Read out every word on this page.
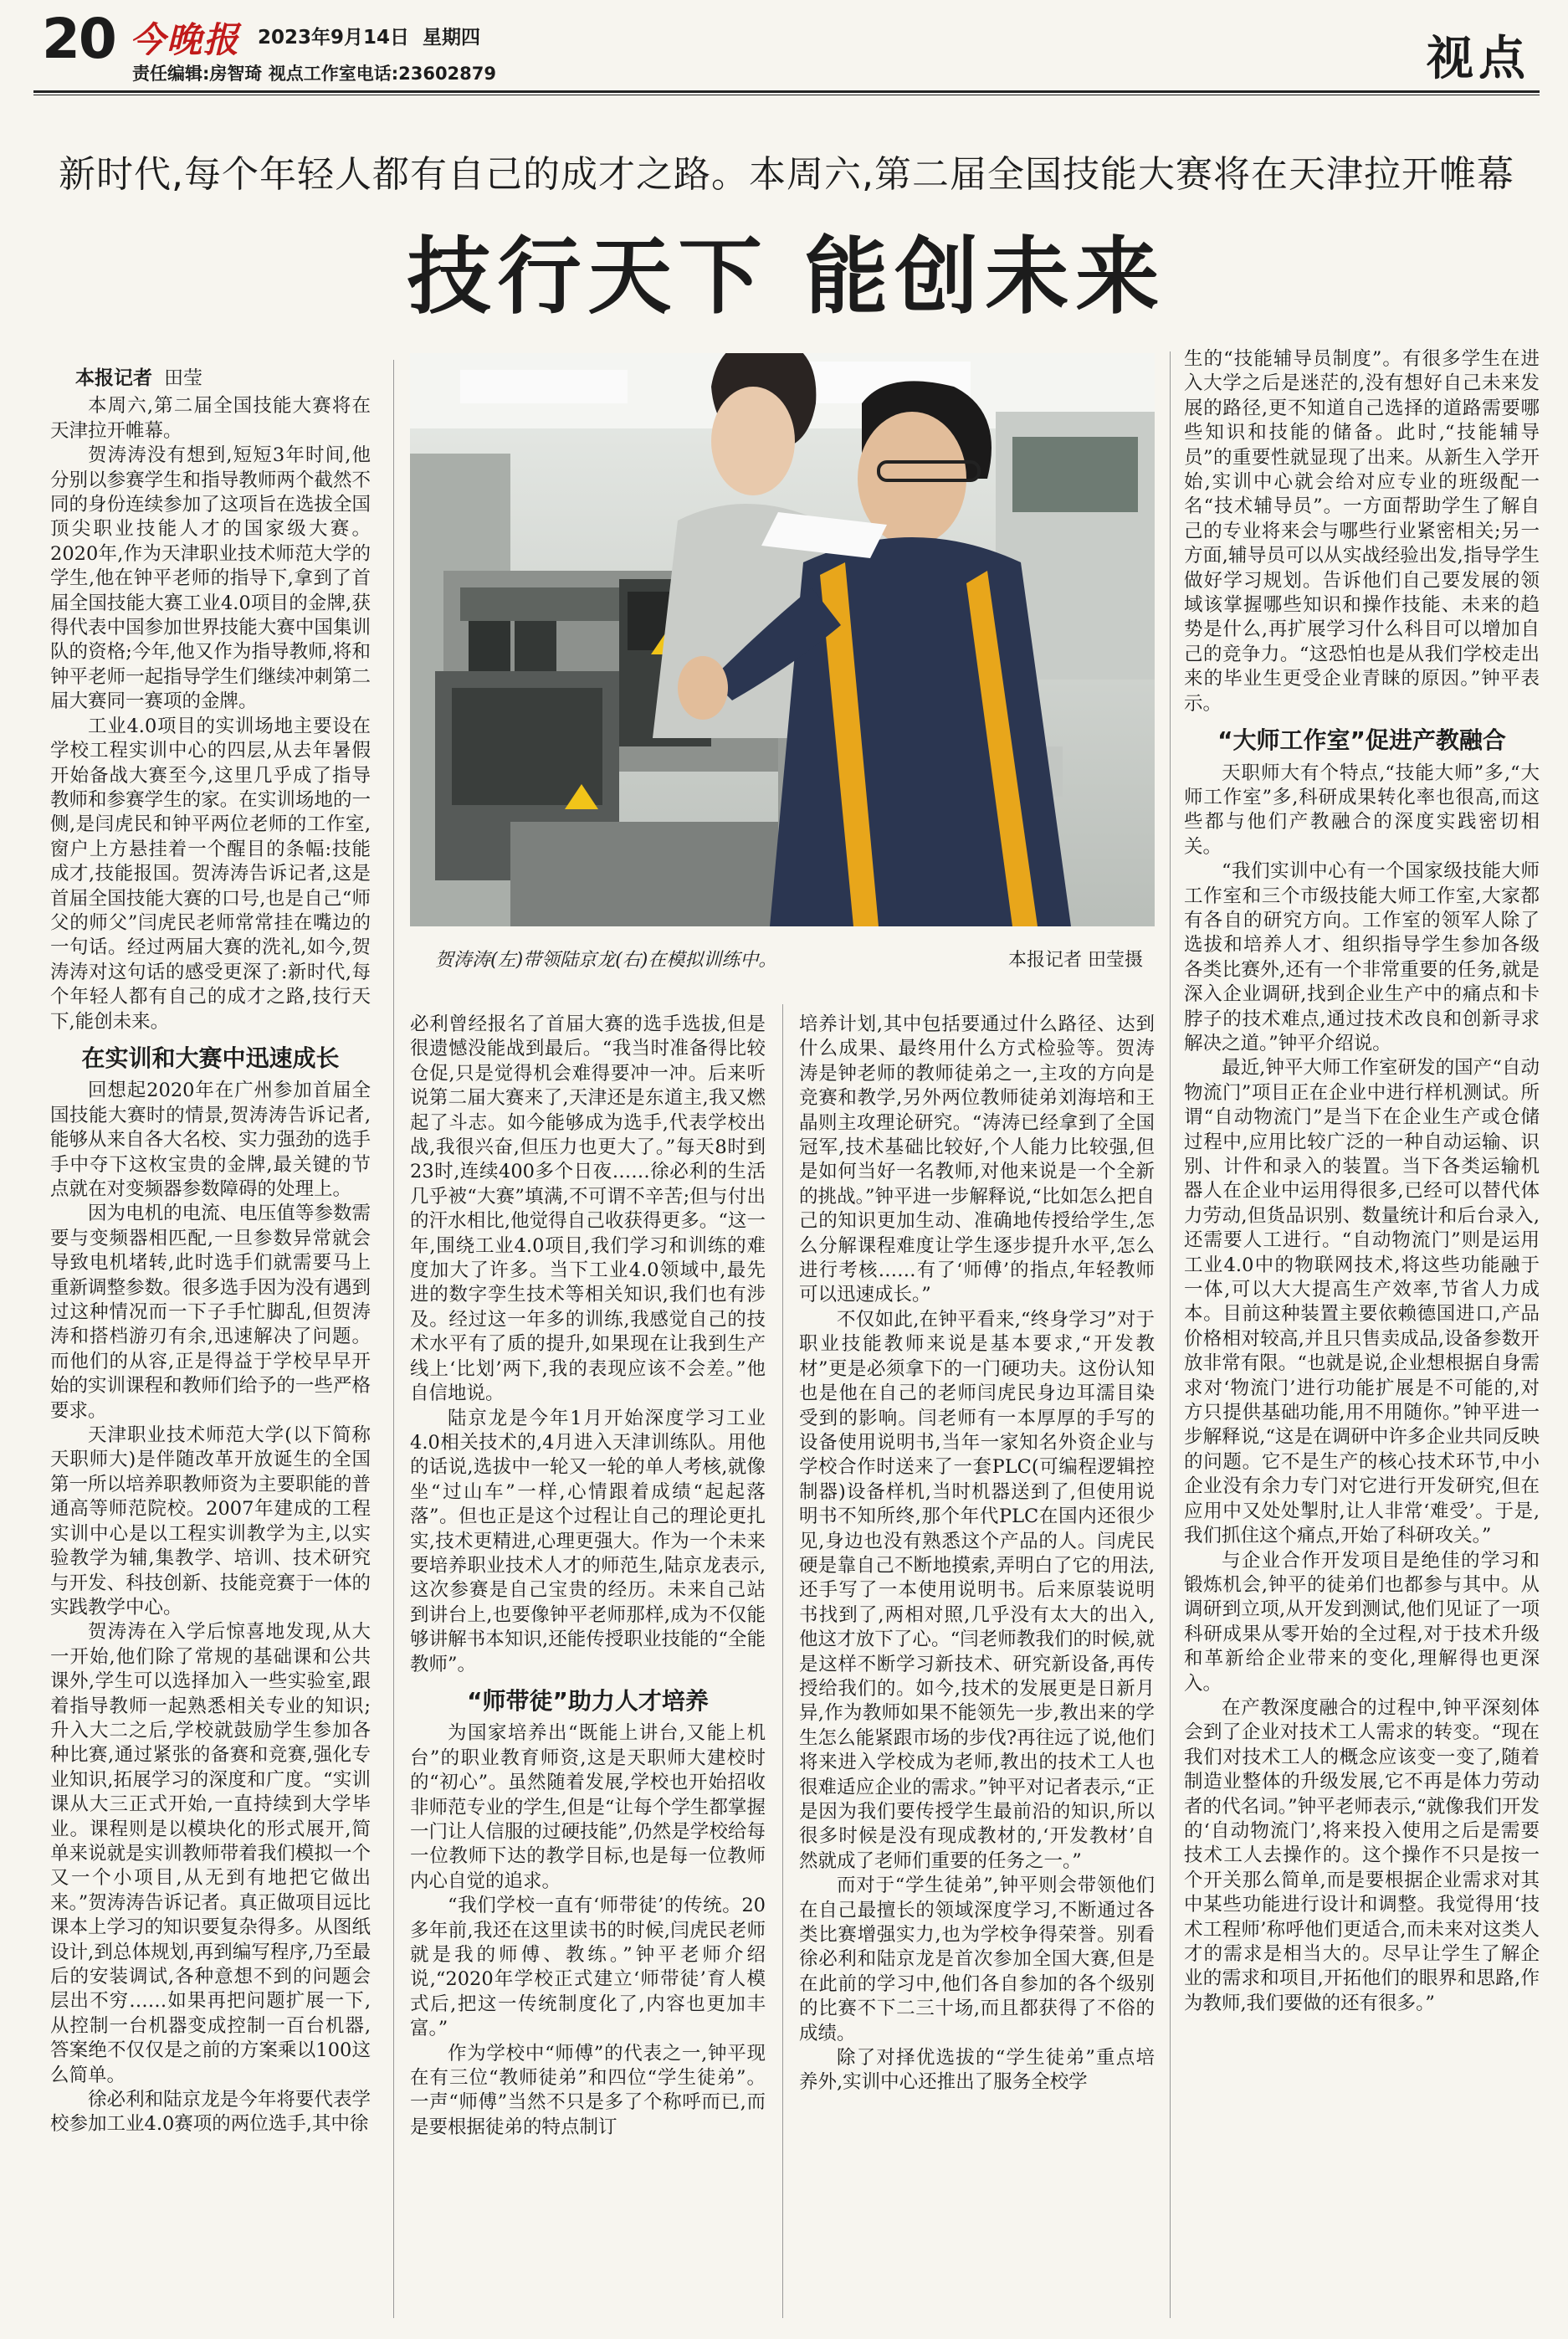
20 今晚报 2023年9月14日 星期四
责任编辑:房智琦 视点工作室电话:23602879	视点
新时代,每个年轻人都有自己的成才之路。本周六,第二届全国技能大赛将在天津拉开帷幕
技行天下 能创未来
本报记者 田莹

本周六,第二届全国技能大赛将在天津拉开帷幕。

贺涛涛没有想到,短短3年时间,他分别以参赛学生和指导教师两个截然不同的身份连续参加了这项旨在选拔全国顶尖职业技能人才的国家级大赛。2020年,作为天津职业技术师范大学的学生,他在钟平老师的指导下,拿到了首届全国技能大赛工业4.0项目的金牌,获得代表中国参加世界技能大赛中国集训队的资格;今年,他又作为指导教师,将和钟平老师一起指导学生们继续冲刺第二届大赛同一赛项的金牌。

工业4.0项目的实训场地主要设在学校工程实训中心的四层,从去年暑假开始备战大赛至今,这里几乎成了指导教师和参赛学生的家。在实训场地的一侧,是闫虎民和钟平两位老师的工作室,窗户上方悬挂着一个醒目的条幅:技能成才,技能报国。贺涛涛告诉记者,这是首届全国技能大赛的口号,也是自己“师父的师父”闫虎民老师常常挂在嘴边的一句话。经过两届大赛的洗礼,如今,贺涛涛对这句话的感受更深了:新时代,每个年轻人都有自己的成才之路,技行天下,能创未来。

在实训和大赛中迅速成长

回想起2020年在广州参加首届全国技能大赛时的情景,贺涛涛告诉记者,能够从来自各大名校、实力强劲的选手手中夺下这枚宝贵的金牌,最关键的节点就在对变频器参数障碍的处理上。

因为电机的电流、电压值等参数需要与变频器相匹配,一旦参数异常就会导致电机堵转,此时选手们就需要马上重新调整参数。很多选手因为没有遇到过这种情况而一下子手忙脚乱,但贺涛涛和搭档游刃有余,迅速解决了问题。而他们的从容,正是得益于学校早早开始的实训课程和教师们给予的一些严格要求。

天津职业技术师范大学(以下简称天职师大)是伴随改革开放诞生的全国第一所以培养职教师资为主要职能的普通高等师范院校。2007年建成的工程实训中心是以工程实训教学为主,以实验教学为辅,集教学、培训、技术研究与开发、科技创新、技能竞赛于一体的实践教学中心。

贺涛涛在入学后惊喜地发现,从大一开始,他们除了常规的基础课和公共课外,学生可以选择加入一些实验室,跟着指导教师一起熟悉相关专业的知识;升入大二之后,学校就鼓励学生参加各种比赛,通过紧张的备赛和竞赛,强化专业知识,拓展学习的深度和广度。“实训课从大三正式开始,一直持续到大学毕业。课程则是以模块化的形式展开,简单来说就是实训教师带着我们模拟一个又一个小项目,从无到有地把它做出来。”贺涛涛告诉记者。真正做项目远比课本上学习的知识要复杂得多。从图纸设计,到总体规划,再到编写程序,乃至最后的安装调试,各种意想不到的问题会层出不穷……如果再把问题扩展一下,从控制一台机器变成控制一百台机器,答案绝不仅仅是之前的方案乘以100这么简单。

徐必利和陆京龙是今年将要代表学校参加工业4.0赛项的两位选手,其中徐

贺涛涛(左)带领陆京龙(右)在模拟训练中。	本报记者 田莹摄

必利曾经报名了首届大赛的选手选拔,但是很遗憾没能战到最后。“我当时准备得比较仓促,只是觉得机会难得要冲一冲。后来听说第二届大赛来了,天津还是东道主,我又燃起了斗志。如今能够成为选手,代表学校出战,我很兴奋,但压力也更大了。”每天8时到23时,连续400多个日夜……徐必利的生活几乎被“大赛”填满,不可谓不辛苦;但与付出的汗水相比,他觉得自己收获得更多。“这一年,围绕工业4.0项目,我们学习和训练的难度加大了许多。当下工业4.0领域中,最先进的数字孪生技术等相关知识,我们也有涉及。经过这一年多的训练,我感觉自己的技术水平有了质的提升,如果现在让我到生产线上‘比划’两下,我的表现应该不会差。”他自信地说。

陆京龙是今年1月开始深度学习工业4.0相关技术的,4月进入天津训练队。用他的话说,选拔中一轮又一轮的单人考核,就像坐“过山车”一样,心情跟着成绩“起起落落”。但也正是这个过程让自己的理论更扎实,技术更精进,心理更强大。作为一个未来要培养职业技术人才的师范生,陆京龙表示,这次参赛是自己宝贵的经历。未来自己站到讲台上,也要像钟平老师那样,成为不仅能够讲解书本知识,还能传授职业技能的“全能教师”。

“师带徒”助力人才培养

为国家培养出“既能上讲台,又能上机台”的职业教育师资,这是天职师大建校时的“初心”。虽然随着发展,学校也开始招收非师范专业的学生,但是“让每个学生都掌握一门让人信服的过硬技能”,仍然是学校给每一位教师下达的教学目标,也是每一位教师内心自觉的追求。

“我们学校一直有‘师带徒’的传统。20多年前,我还在这里读书的时候,闫虎民老师就是我的师傅、教练。”钟平老师介绍说,“2020年学校正式建立‘师带徒’育人模式后,把这一传统制度化了,内容也更加丰富。”

作为学校中“师傅”的代表之一,钟平现在有三位“教师徒弟”和四位“学生徒弟”。一声“师傅”当然不只是多了个称呼而已,而是要根据徒弟的特点制订

培养计划,其中包括要通过什么路径、达到什么成果、最终用什么方式检验等。贺涛涛是钟老师的教师徒弟之一,主攻的方向是竞赛和教学,另外两位教师徒弟刘海培和王晶则主攻理论研究。“涛涛已经拿到了全国冠军,技术基础比较好,个人能力比较强,但是如何当好一名教师,对他来说是一个全新的挑战。”钟平进一步解释说,“比如怎么把自己的知识更加生动、准确地传授给学生,怎么分解课程难度让学生逐步提升水平,怎么进行考核……有了‘师傅’的指点,年轻教师可以迅速成长。”

不仅如此,在钟平看来,“终身学习”对于职业技能教师来说是基本要求,“开发教材”更是必须拿下的一门硬功夫。这份认知也是他在自己的老师闫虎民身边耳濡目染受到的影响。闫老师有一本厚厚的手写的设备使用说明书,当年一家知名外资企业与学校合作时送来了一套PLC(可编程逻辑控制器)设备样机,当时机器送到了,但使用说明书不知所终,那个年代PLC在国内还很少见,身边也没有熟悉这个产品的人。闫虎民硬是靠自己不断地摸索,弄明白了它的用法,还手写了一本使用说明书。后来原装说明书找到了,两相对照,几乎没有太大的出入,他这才放下了心。“闫老师教我们的时候,就是这样不断学习新技术、研究新设备,再传授给我们的。如今,技术的发展更是日新月异,作为教师如果不能领先一步,教出来的学生怎么能紧跟市场的步伐?再往远了说,他们将来进入学校成为老师,教出的技术工人也很难适应企业的需求。”钟平对记者表示,“正是因为我们要传授学生最前沿的知识,所以很多时候是没有现成教材的,‘开发教材’自然就成了老师们重要的任务之一。”

而对于“学生徒弟”,钟平则会带领他们在自己最擅长的领域深度学习,不断通过各类比赛增强实力,也为学校争得荣誉。别看徐必利和陆京龙是首次参加全国大赛,但是在此前的学习中,他们各自参加的各个级别的比赛不下二三十场,而且都获得了不俗的成绩。

除了对择优选拔的“学生徒弟”重点培养外,实训中心还推出了服务全校学

生的“技能辅导员制度”。有很多学生在进入大学之后是迷茫的,没有想好自己未来发展的路径,更不知道自己选择的道路需要哪些知识和技能的储备。此时,“技能辅导员”的重要性就显现了出来。从新生入学开始,实训中心就会给对应专业的班级配一名“技术辅导员”。一方面帮助学生了解自己的专业将来会与哪些行业紧密相关;另一方面,辅导员可以从实战经验出发,指导学生做好学习规划。告诉他们自己要发展的领域该掌握哪些知识和操作技能、未来的趋势是什么,再扩展学习什么科目可以增加自己的竞争力。“这恐怕也是从我们学校走出来的毕业生更受企业青睐的原因。”钟平表示。

“大师工作室”促进产教融合

天职师大有个特点,“技能大师”多,“大师工作室”多,科研成果转化率也很高,而这些都与他们产教融合的深度实践密切相关。

“我们实训中心有一个国家级技能大师工作室和三个市级技能大师工作室,大家都有各自的研究方向。工作室的领军人除了选拔和培养人才、组织指导学生参加各级各类比赛外,还有一个非常重要的任务,就是深入企业调研,找到企业生产中的痛点和卡脖子的技术难点,通过技术改良和创新寻求解决之道。”钟平介绍说。

最近,钟平大师工作室研发的国产“自动物流门”项目正在企业中进行样机测试。所谓“自动物流门”是当下在企业生产或仓储过程中,应用比较广泛的一种自动运输、识别、计件和录入的装置。当下各类运输机器人在企业中运用得很多,已经可以替代体力劳动,但货品识别、数量统计和后台录入,还需要人工进行。“自动物流门”则是运用工业4.0中的物联网技术,将这些功能融于一体,可以大大提高生产效率,节省人力成本。目前这种装置主要依赖德国进口,产品价格相对较高,并且只售卖成品,设备参数开放非常有限。“也就是说,企业想根据自身需求对‘物流门’进行功能扩展是不可能的,对方只提供基础功能,用不用随你。”钟平进一步解释说,“这是在调研中许多企业共同反映的问题。它不是生产的核心技术环节,中小企业没有余力专门对它进行开发研究,但在应用中又处处掣肘,让人非常‘难受’。于是,我们抓住这个痛点,开始了科研攻关。”

与企业合作开发项目是绝佳的学习和锻炼机会,钟平的徒弟们也都参与其中。从调研到立项,从开发到测试,他们见证了一项科研成果从零开始的全过程,对于技术升级和革新给企业带来的变化,理解得也更深入。

在产教深度融合的过程中,钟平深刻体会到了企业对技术工人需求的转变。“现在我们对技术工人的概念应该变一变了,随着制造业整体的升级发展,它不再是体力劳动者的代名词。”钟平老师表示,“就像我们开发的‘自动物流门’,将来投入使用之后是需要技术工人去操作的。这个操作不只是按一个开关那么简单,而是要根据企业需求对其中某些功能进行设计和调整。我觉得用‘技术工程师’称呼他们更适合,而未来对这类人才的需求是相当大的。尽早让学生了解企业的需求和项目,开拓他们的眼界和思路,作为教师,我们要做的还有很多。”
